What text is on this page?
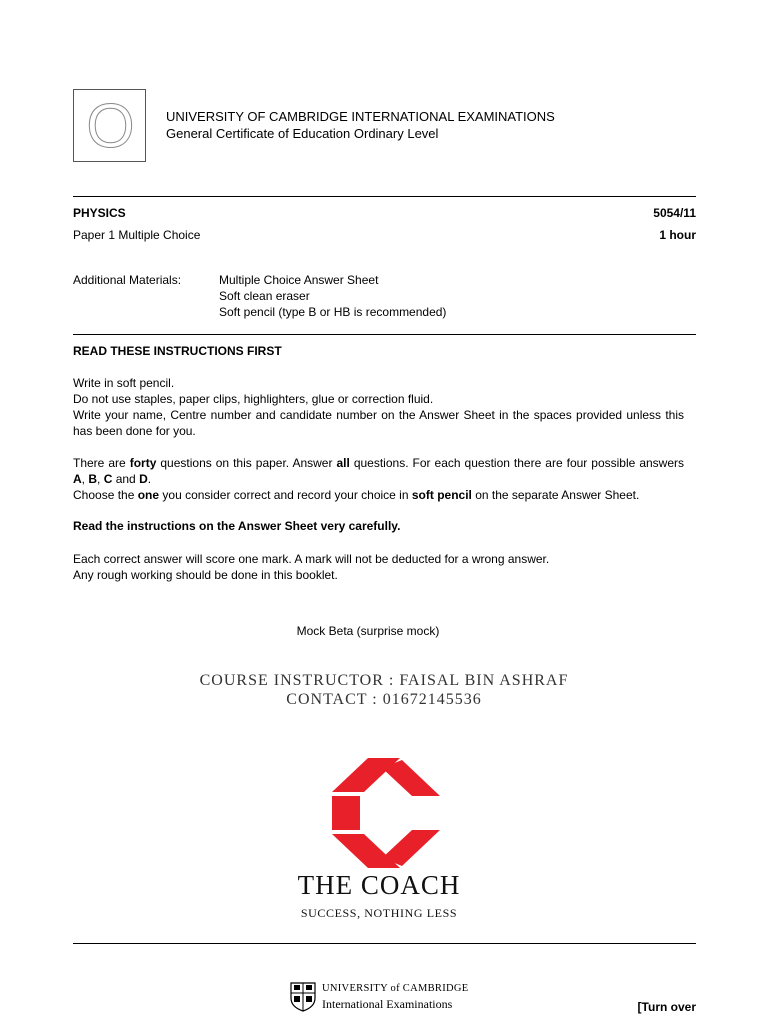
O	UNIVERSITY OF CAMBRIDGE INTERNATIONAL EXAMINATIONS
General Certificate of Education Ordinary Level
PHYSICS	5054/11
Paper 1 Multiple Choice	1 hour
Additional Materials:	Multiple Choice Answer Sheet
Soft clean eraser
Soft pencil (type B or HB is recommended)
READ THESE INSTRUCTIONS FIRST
Write in soft pencil.
Do not use staples, paper clips, highlighters, glue or correction fluid.
Write your name, Centre number and candidate number on the Answer Sheet in the spaces provided unless this has been done for you.
There are forty questions on this paper. Answer all questions. For each question there are four possible answers A, B, C and D.
Choose the one you consider correct and record your choice in soft pencil on the separate Answer Sheet.
Read the instructions on the Answer Sheet very carefully.
Each correct answer will score one mark. A mark will not be deducted for a wrong answer.
Any rough working should be done in this booklet.
Mock Beta (surprise mock)
COURSE INSTRUCTOR : FAISAL BIN ASHRAF
CONTACT : 01672145536
THE COACH
SUCCESS, NOTHING LESS
UNIVERSITY of CAMBRIDGE
International Examinations	[Turn over
